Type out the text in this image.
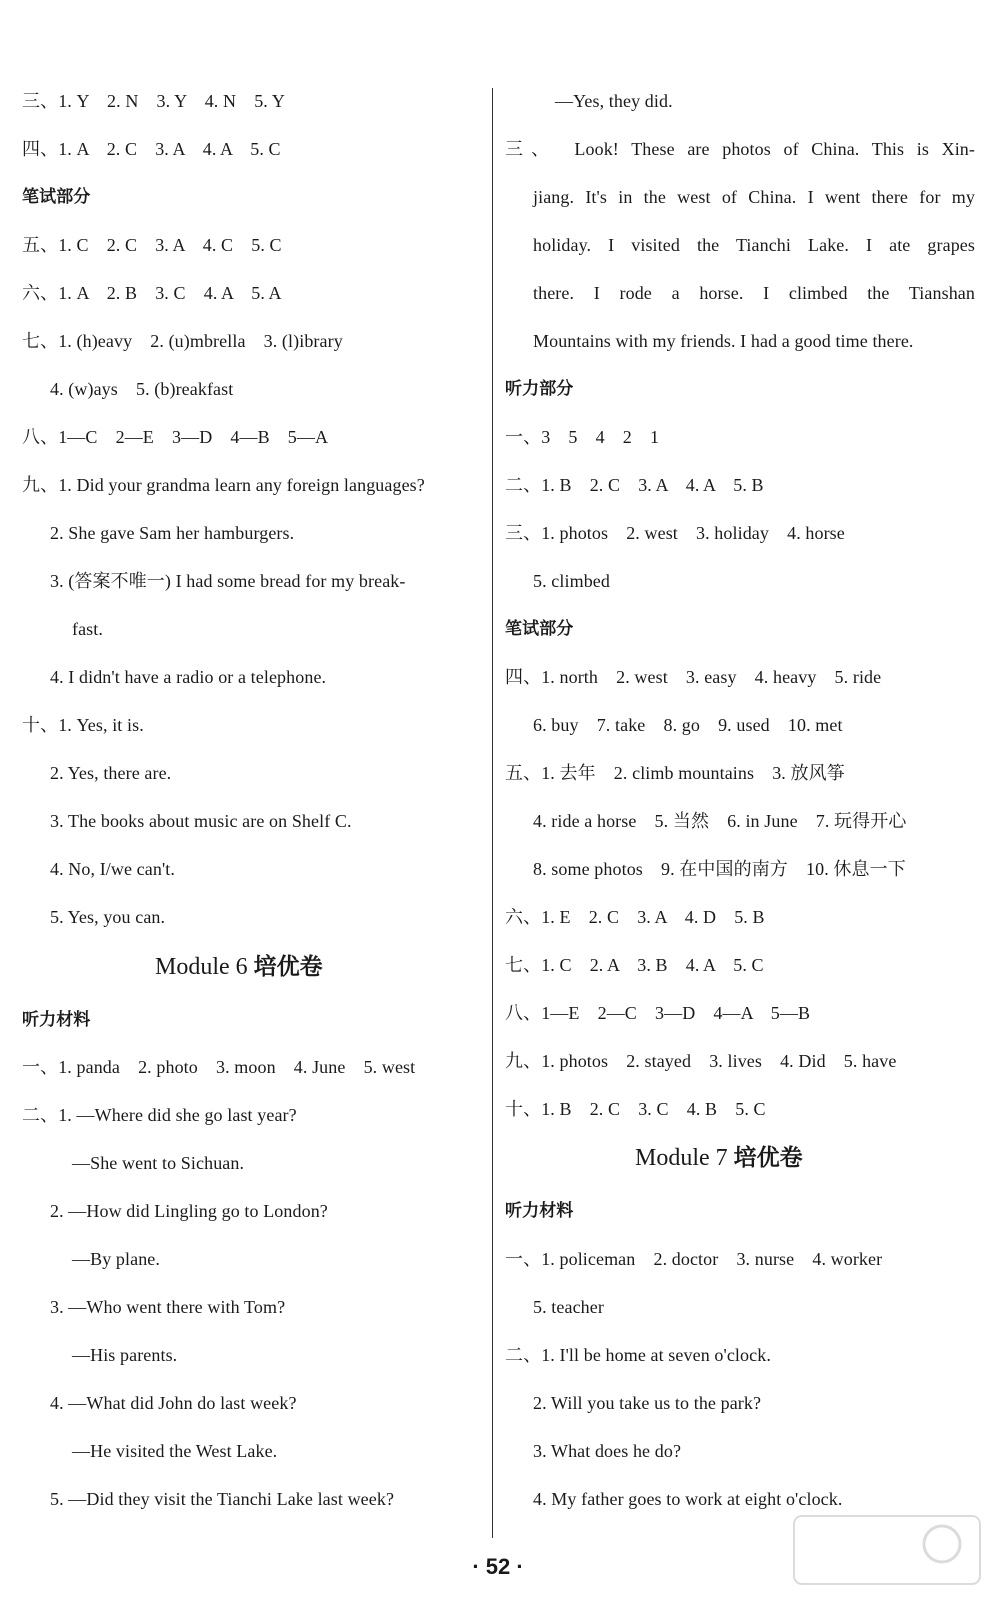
三、1. Y　2. N　3. Y　4. N　5. Y
四、1. A　2. C　3. A　4. A　5. C
笔试部分
五、1. C　2. C　3. A　4. C　5. C
六、1. A　2. B　3. C　4. A　5. A
七、1. (h)eavy　2. (u)mbrella　3. (l)ibrary
4. (w)ays　5. (b)reakfast
八、1—C　2—E　3—D　4—B　5—A
九、1. Did your grandma learn any foreign languages?
2. She gave Sam her hamburgers.
3. (答案不唯一) I had some bread for my break-
fast.
4. I didn't have a radio or a telephone.
十、1. Yes, it is.
2. Yes, there are.
3. The books about music are on Shelf C.
4. No, I/we can't.
5. Yes, you can.
Module 6 培优卷
听力材料
一、1. panda　2. photo　3. moon　4. June　5. west
二、1. —Where did she go last year?
—She went to Sichuan.
2. —How did Lingling go to London?
—By plane.
3. —Who went there with Tom?
—His parents.
4. —What did John do last week?
—He visited the West Lake.
5. —Did they visit the Tianchi Lake last week?
—Yes, they did.
三、　Look! These are photos of China. This is Xin-
jiang. It's in the west of China. I went there for my
holiday. I visited the Tianchi Lake. I ate grapes
there. I rode a horse. I climbed the Tianshan
Mountains with my friends. I had a good time there.
听力部分
一、3　5　4　2　1
二、1. B　2. C　3. A　4. A　5. B
三、1. photos　2. west　3. holiday　4. horse
5. climbed
笔试部分
四、1. north　2. west　3. easy　4. heavy　5. ride
6. buy　7. take　8. go　9. used　10. met
五、1. 去年　2. climb mountains　3. 放风筝
4. ride a horse　5. 当然　6. in June　7. 玩得开心
8. some photos　9. 在中国的南方　10. 休息一下
六、1. E　2. C　3. A　4. D　5. B
七、1. C　2. A　3. B　4. A　5. C
八、1—E　2—C　3—D　4—A　5—B
九、1. photos　2. stayed　3. lives　4. Did　5. have
十、1. B　2. C　3. C　4. B　5. C
Module 7 培优卷
听力材料
一、1. policeman　2. doctor　3. nurse　4. worker
5. teacher
二、1. I'll be home at seven o'clock.
2. Will you take us to the park?
3. What does he do?
4. My father goes to work at eight o'clock.
· 52 ·
